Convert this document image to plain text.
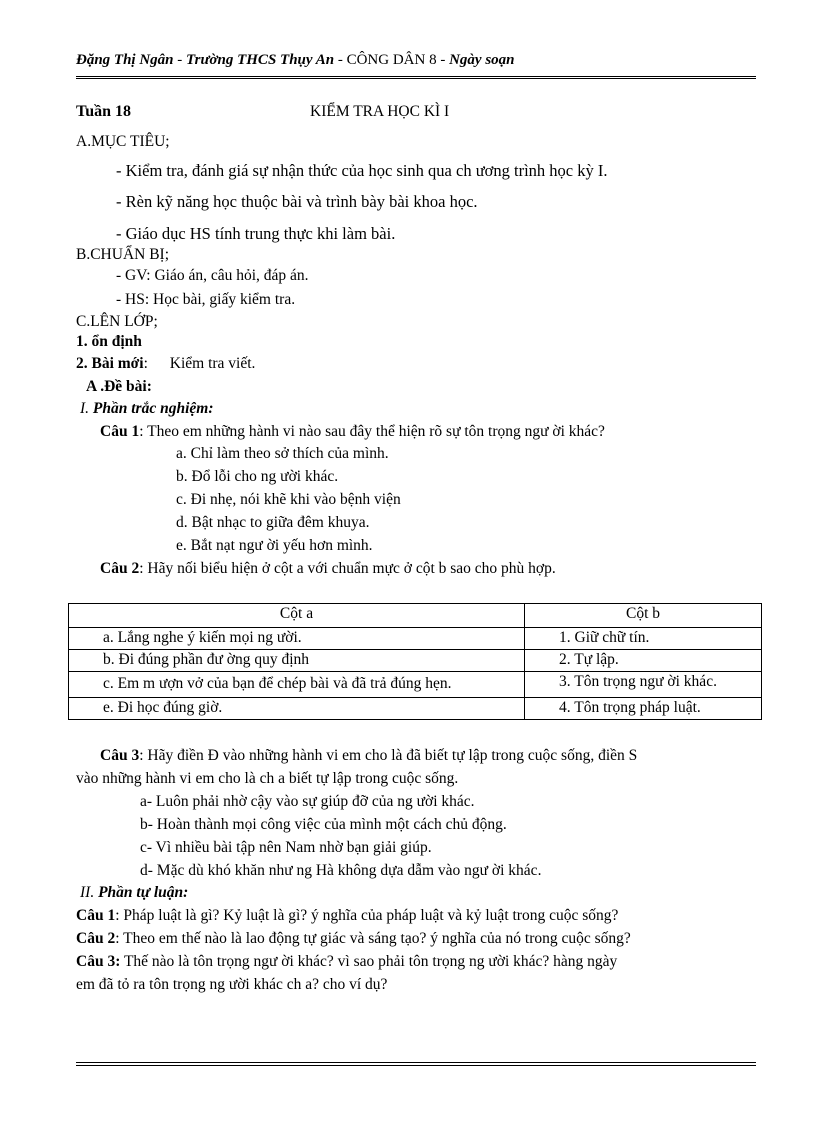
Đặng Thị Ngân - Trường THCS Thụy An - CÔNG DÂN 8 - Ngày soạn
Tuần 18	KIỂM TRA HỌC KÌ I
A.MỤC TIÊU;
- Kiểm tra, đánh giá sự nhận thức của học sinh qua ch ương trình học kỳ I.
- Rèn kỹ năng học thuộc bài và trình bày bài khoa học.
- Giáo dục HS tính trung thực khi làm bài.
B.CHUẨN BỊ;
- GV: Giáo án, câu hỏi, đáp án.
- HS: Học bài, giấy kiểm tra.
C.LÊN LỚP;
1. ổn định
2. Bài mới: Kiểm tra viết.
A .Đề bài:
I. Phần trắc nghiệm:
Câu 1: Theo em những hành vi nào sau đây thể hiện rõ sự tôn trọng ngư ời khác?
a. Chỉ làm theo sở thích của mình.
b. Đổ lỗi cho ng ười khác.
c. Đi nhẹ, nói khẽ khi vào bệnh viện
d. Bật nhạc to giữa đêm khuya.
e. Bắt nạt ngư ời yếu hơn mình.
Câu 2: Hãy nối biểu hiện ở cột a với chuẩn mực ở cột b sao cho phù hợp.
Cột a	Cột b
a. Lắng nghe ý kiến mọi ng ười.	1. Giữ chữ tín.
b. Đi đúng phần đư ờng quy định	2. Tự lập.
c. Em m ượn vở của bạn để chép bài và đã trả đúng hẹn.	3. Tôn trọng ngư ời khác.
e. Đi học đúng giờ.	4. Tôn trọng pháp luật.
Câu 3: Hãy điền Đ vào những hành vi em cho là đã biết tự lập trong cuộc sống, điền S
vào những hành vi em cho là ch a biết tự lập trong cuộc sống.
a- Luôn phải nhờ cậy vào sự giúp đỡ của ng ười khác.
b- Hoàn thành mọi công việc của mình một cách chủ động.
c- Vì nhiều bài tập nên Nam nhờ bạn giải giúp.
d- Mặc dù khó khăn như ng Hà không dựa dẫm vào ngư ời khác.
II. Phần tự luận:
Câu 1: Pháp luật là gì? Kỷ luật là gì? ý nghĩa của pháp luật và kỷ luật trong cuộc sống?
Câu 2: Theo em thế nào là lao động tự giác và sáng tạo? ý nghĩa của nó trong cuộc sống?
Câu 3: Thế nào là tôn trọng ngư ời khác? vì sao phải tôn trọng ng ười khác? hàng ngày
em đã tỏ ra tôn trọng ng ười khác ch a? cho ví dụ?
